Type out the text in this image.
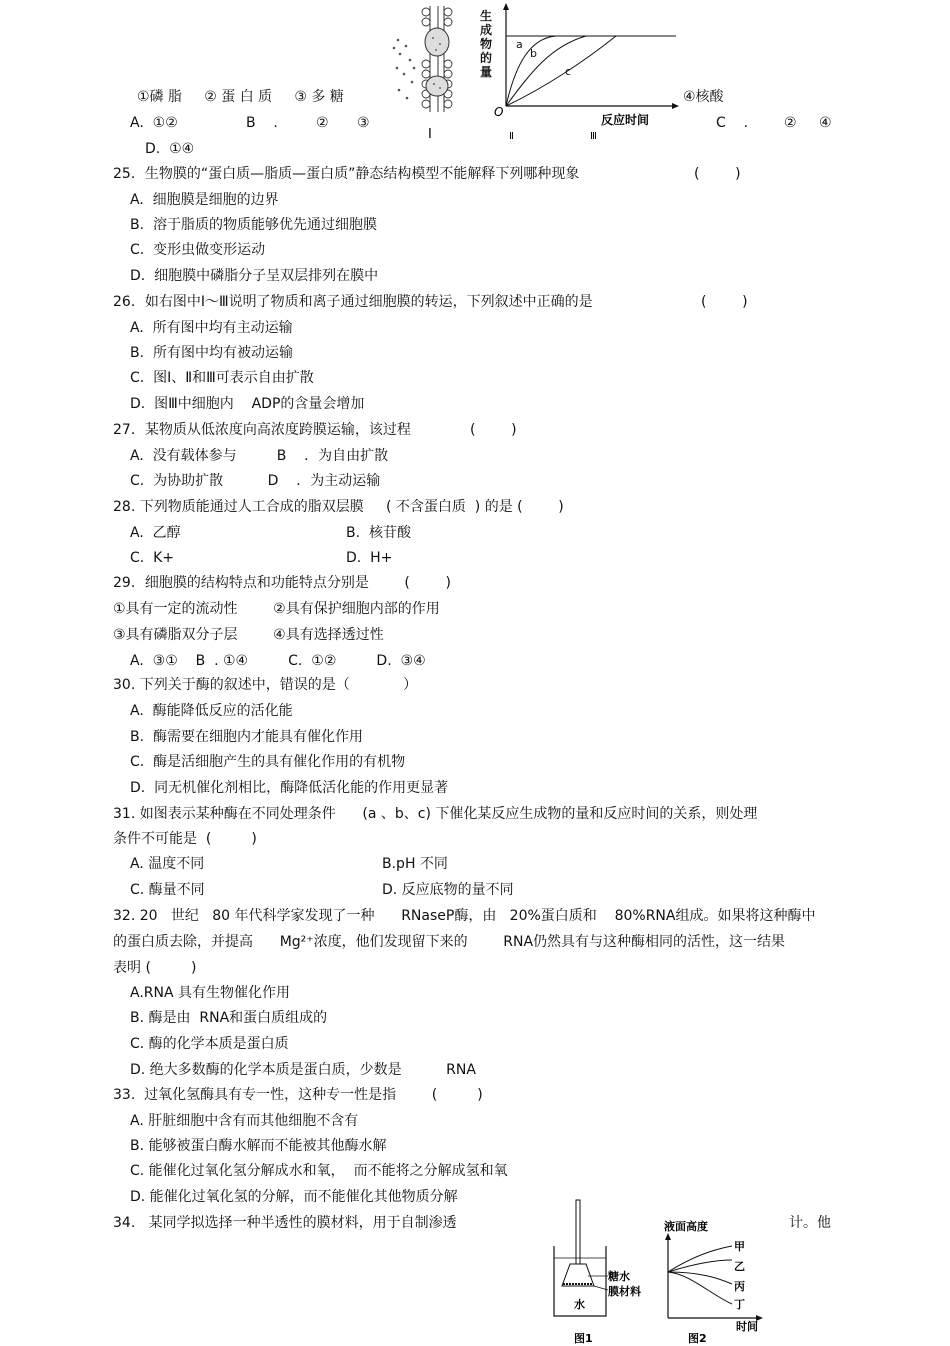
①磷 脂     ② 蛋 白 质     ③ 多 糖	④核酸
A.  ①②	B    .	② ③	C    .	② ④
D.  ①④
25．生物膜的“蛋白质—脂质—蛋白质”静态结构模型不能解释下列哪种现象	(        )
A.  细胞膜是细胞的边界
B.  溶于脂质的物质能够优先通过细胞膜
C.  变形虫做变形运动
D.  细胞膜中磷脂分子呈双层排列在膜中
26．如右图中Ⅰ～Ⅲ说明了物质和离子通过细胞膜的转运，下列叙述中正确的是	(        )
A.  所有图中均有主动运输
B.  所有图中均有被动运输
C.  图Ⅰ、Ⅱ和Ⅲ可表示自由扩散
D.  图Ⅲ中细胞内    ADP的含量会增加
27．某物质从低浓度向高浓度跨膜运输，该过程	(        )
A.  没有载体参与         B    ．为自由扩散
C.  为协助扩散          D    ．为主动运输
28. 下列物质能通过人工合成的脂双层膜     ( 不含蛋白质  ) 的是 (        )
A.  乙醇	B.  核苷酸
C.  K+	D.  H+
29．细胞膜的结构特点和功能特点分别是        (        )
①具有一定的流动性        ②具有保护细胞内部的作用
③具有磷脂双分子层        ④具有选择透过性
A.  ③①    B  . ①④         C.  ①②         D.  ③④
30. 下列关于酶的叙述中，错误的是（            ）
A.  酶能降低反应的活化能
B.  酶需要在细胞内才能具有催化作用
C.  酶是活细胞产生的具有催化作用的有机物
D.  同无机催化剂相比，酶降低活化能的作用更显著
31. 如图表示某种酶在不同处理条件      (a 、b、c) 下催化某反应生成物的量和反应时间的关系，则处理
条件不可能是  (         )
A. 温度不同	B.pH 不同
C. 酶量不同	D. 反应底物的量不同
32. 20   世纪   80 年代科学家发现了一种      RNaseP酶，由   20%蛋白质和    80%RNA组成。如果将这种酶中
的蛋白质去除，并提高      Mg²⁺浓度，他们发现留下来的        RNA仍然具有与这种酶相同的活性，这一结果
表明 (         )
A.RNA 具有生物催化作用
B. 酶是由  RNA和蛋白质组成的
C. 酶的化学本质是蛋白质
D. 绝大多数酶的化学本质是蛋白质，少数是          RNA
33.  过氧化氢酶具有专一性，这种专一性是指        (         )
A. 肝脏细胞中含有而其他细胞不含有
B. 能够被蛋白酶水解而不能被其他酶水解
C. 能催化过氧化氢分解成水和氧，  而不能将之分解成氢和氧
D. 能催化过氧化氢的分解，而不能催化其他物质分解
34.   某同学拟选择一种半透性的膜材料，用于自制渗透	计。他
Ⅰ
生
成
物
的
量
O
a
b
c
反应时间
Ⅱ	Ⅲ
糖水
膜材料
水
图1
液面高度
甲
乙
丙
丁
图2
时间
